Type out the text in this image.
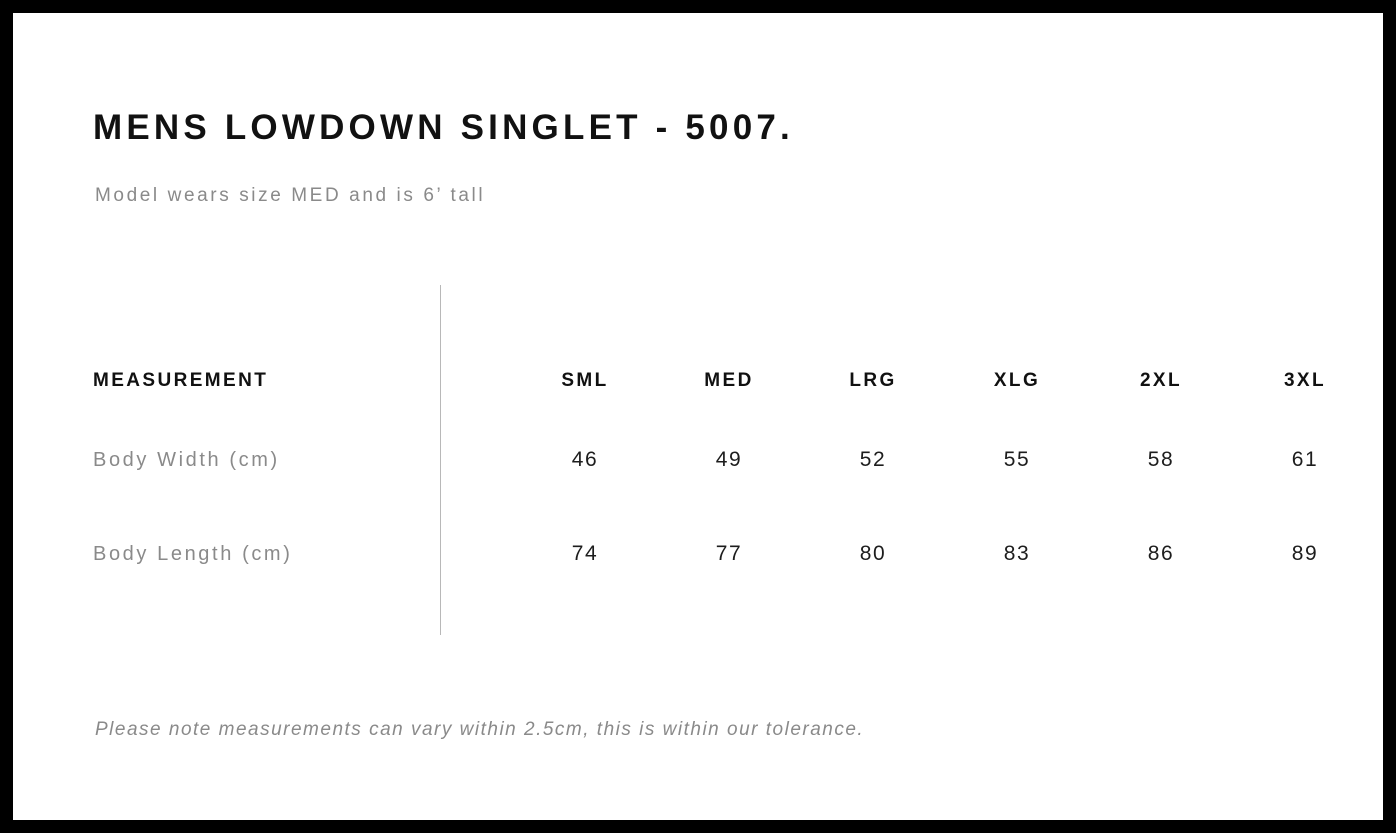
MENS LOWDOWN SINGLET - 5007.
Model wears size MED and is 6’ tall
MEASUREMENT	SML	MED	LRG	XLG	2XL	3XL
Body Width (cm)	46	49	52	55	58	61
Body Length (cm)	74	77	80	83	86	89
Please note measurements can vary within 2.5cm, this is within our tolerance.
